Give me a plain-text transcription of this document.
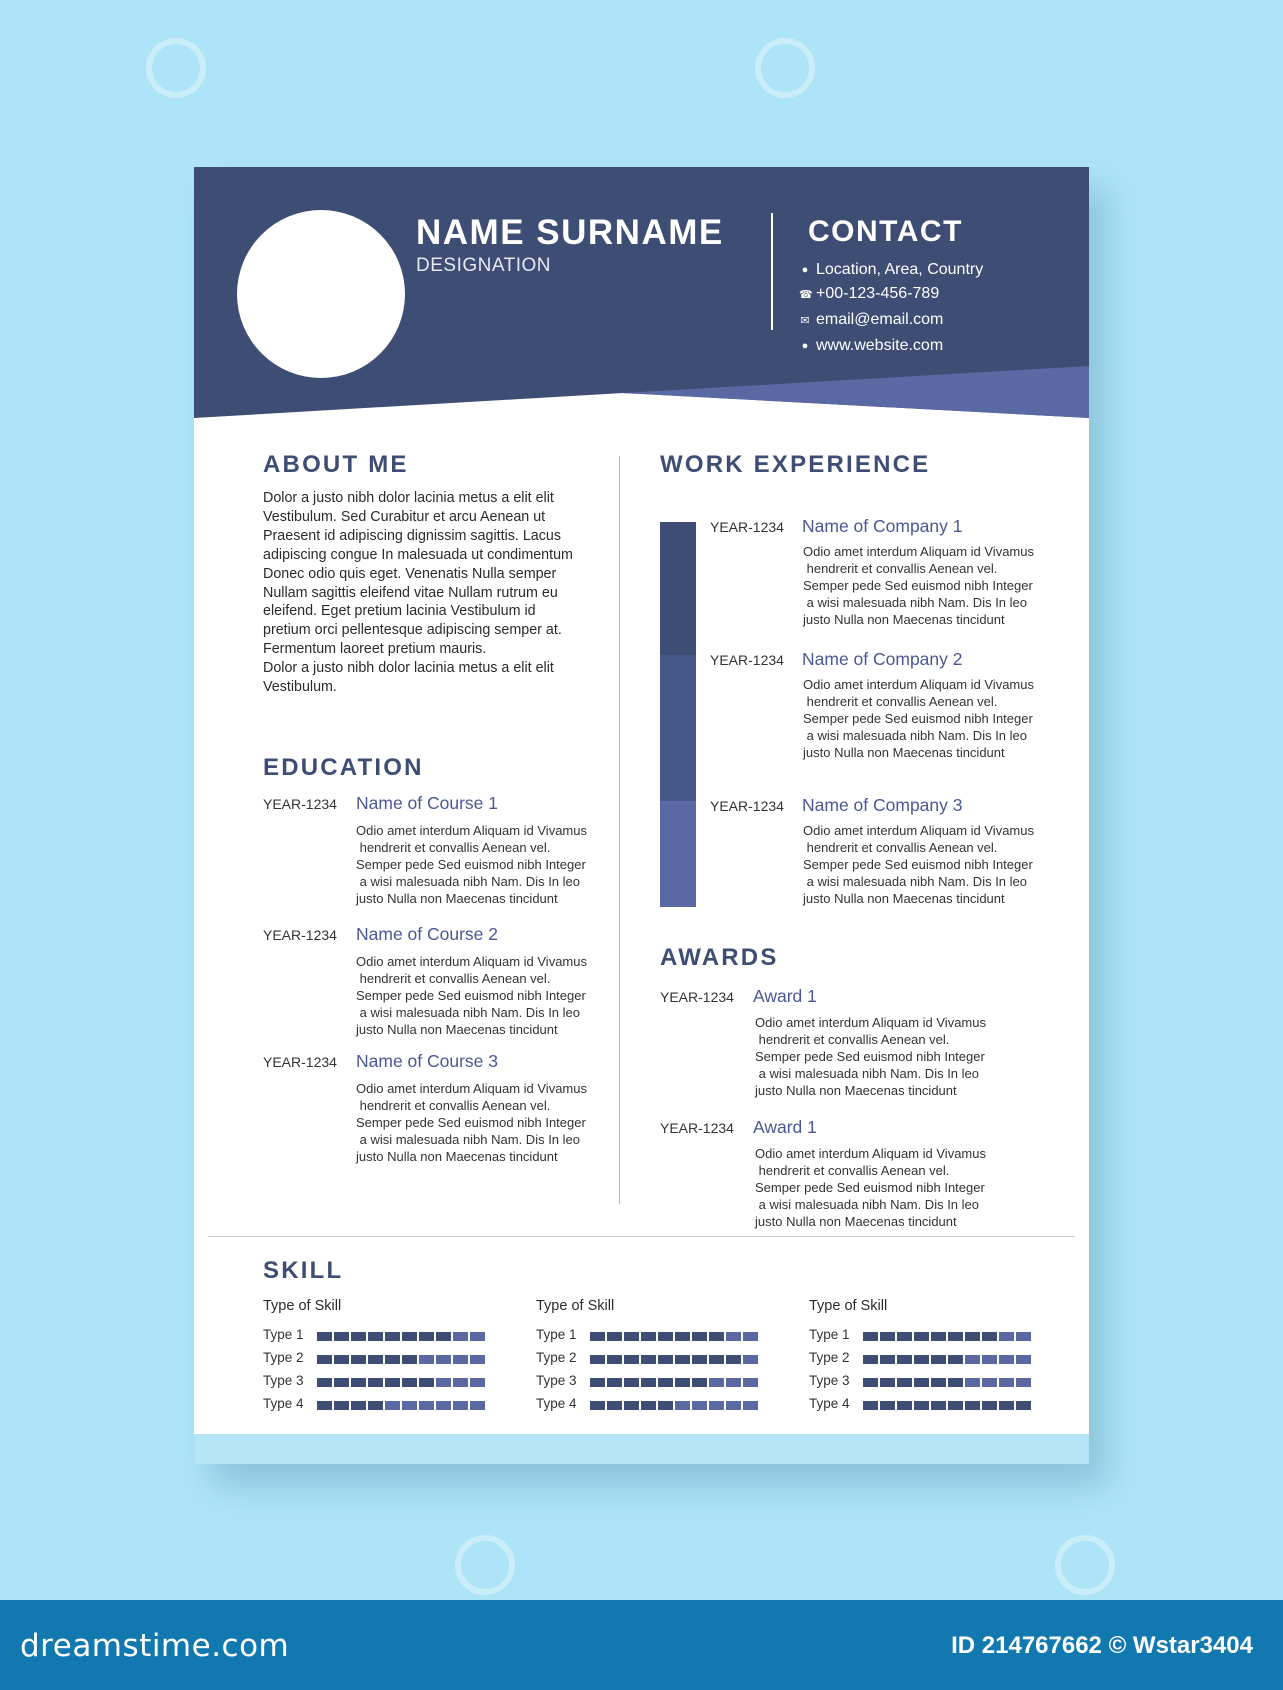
NAME SURNAME
DESIGNATION
CONTACT
● Location, Area, Country
☎ +00-123-456-789
✉ email@email.com
● www.website.com
ABOUT ME
Dolor a justo nibh dolor lacinia metus a elit elit Vestibulum. Sed Curabitur et arcu Aenean ut Praesent id adipiscing dignissim sagittis. Lacus adipiscing congue In malesuada ut condimentum Donec odio quis eget. Venenatis Nulla semper Nullam sagittis eleifend vitae Nullam rutrum eu eleifend. Eget pretium lacinia Vestibulum id pretium orci pellentesque adipiscing semper at. Fermentum laoreet pretium mauris.
Dolor a justo nibh dolor lacinia metus a elit elit Vestibulum.
EDUCATION
YEAR-1234 Name of Course 1
Odio amet interdum Aliquam id Vivamus
hendrerit et convallis Aenean vel.
Semper pede Sed euismod nibh Integer
a wisi malesuada nibh Nam. Dis In leo
justo Nulla non Maecenas tincidunt
YEAR-1234 Name of Course 2
Odio amet interdum Aliquam id Vivamus
hendrerit et convallis Aenean vel.
Semper pede Sed euismod nibh Integer
a wisi malesuada nibh Nam. Dis In leo
justo Nulla non Maecenas tincidunt
YEAR-1234 Name of Course 3
Odio amet interdum Aliquam id Vivamus
hendrerit et convallis Aenean vel.
Semper pede Sed euismod nibh Integer
a wisi malesuada nibh Nam. Dis In leo
justo Nulla non Maecenas tincidunt
WORK EXPERIENCE
YEAR-1234 Name of Company 1
Odio amet interdum Aliquam id Vivamus
hendrerit et convallis Aenean vel.
Semper pede Sed euismod nibh Integer
a wisi malesuada nibh Nam. Dis In leo
justo Nulla non Maecenas tincidunt
YEAR-1234 Name of Company 2
Odio amet interdum Aliquam id Vivamus
hendrerit et convallis Aenean vel.
Semper pede Sed euismod nibh Integer
a wisi malesuada nibh Nam. Dis In leo
justo Nulla non Maecenas tincidunt
YEAR-1234 Name of Company 3
Odio amet interdum Aliquam id Vivamus
hendrerit et convallis Aenean vel.
Semper pede Sed euismod nibh Integer
a wisi malesuada nibh Nam. Dis In leo
justo Nulla non Maecenas tincidunt
AWARDS
YEAR-1234 Award 1
Odio amet interdum Aliquam id Vivamus
hendrerit et convallis Aenean vel.
Semper pede Sed euismod nibh Integer
a wisi malesuada nibh Nam. Dis In leo
justo Nulla non Maecenas tincidunt
YEAR-1234 Award 1
Odio amet interdum Aliquam id Vivamus
hendrerit et convallis Aenean vel.
Semper pede Sed euismod nibh Integer
a wisi malesuada nibh Nam. Dis In leo
justo Nulla non Maecenas tincidunt
SKILL
Type of Skill
Type 1
Type 2
Type 3
Type 4
Type of Skill
Type 1
Type 2
Type 3
Type 4
Type of Skill
Type 1
Type 2
Type 3
Type 4
dreamstime.com	ID 214767662 © Wstar3404
